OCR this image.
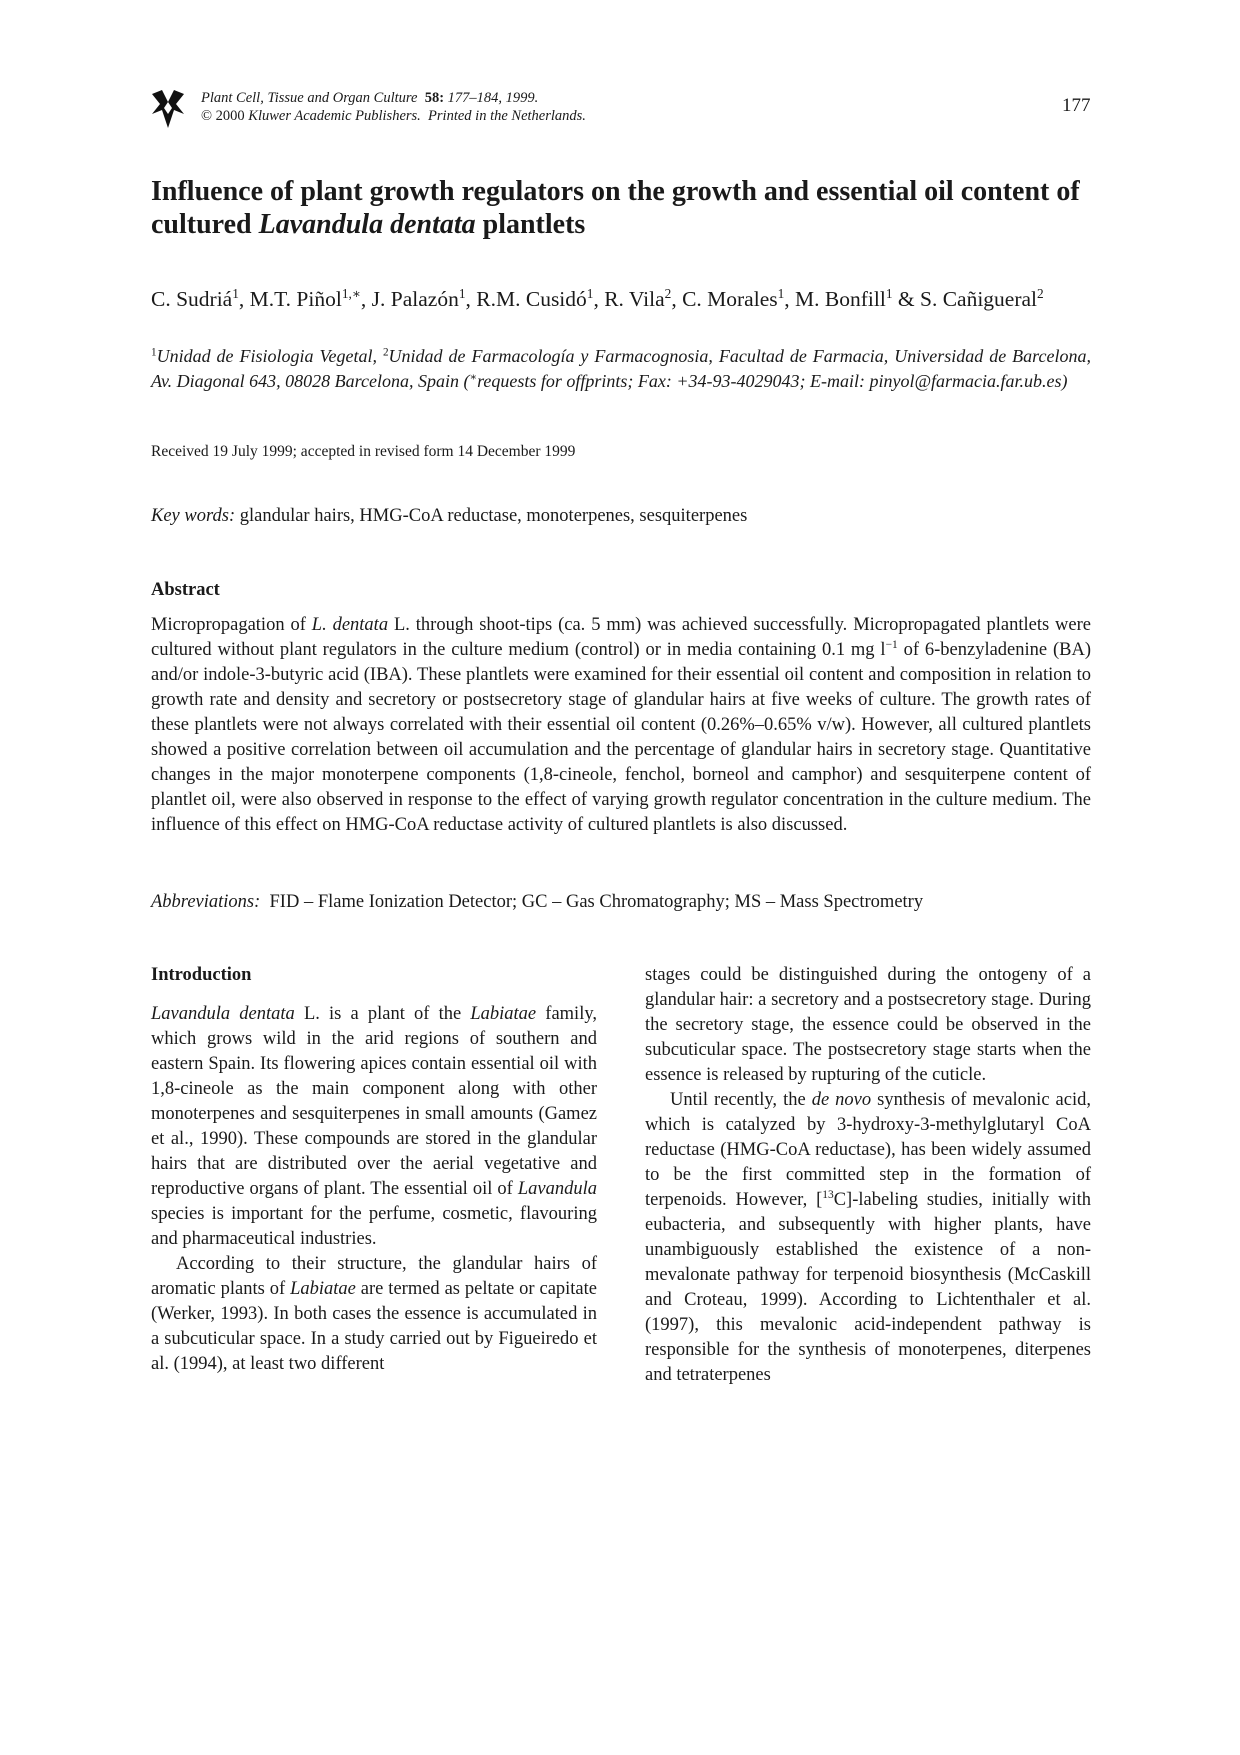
Plant Cell, Tissue and Organ Culture 58: 177–184, 1999.
© 2000 Kluwer Academic Publishers. Printed in the Netherlands.	177
Influence of plant growth regulators on the growth and essential oil content of cultured Lavandula dentata plantlets
C. Sudriá$^1$, M.T. Piñol$^{1,∗}$, J. Palazón$^1$, R.M. Cusidó$^1$, R. Vila$^2$, C. Morales$^1$, M. Bonfill$^1$ & S. Cañigueral$^2$
$^1$Unidad de Fisiologia Vegetal, $^2$Unidad de Farmacología y Farmacognosia, Facultad de Farmacia, Universidad de Barcelona, Av. Diagonal 643, 08028 Barcelona, Spain (∗requests for offprints; Fax: +34-93-4029043; E-mail: pinyol@farmacia.far.ub.es)
Received 19 July 1999; accepted in revised form 14 December 1999
Key words: glandular hairs, HMG-CoA reductase, monoterpenes, sesquiterpenes
Abstract
Micropropagation of L. dentata L. through shoot-tips (ca. 5 mm) was achieved successfully. Micropropagated plantlets were cultured without plant regulators in the culture medium (control) or in media containing 0.1 mg $l^{-1}$ of 6-benzyladenine (BA) and/or indole-3-butyric acid (IBA). These plantlets were examined for their essential oil content and composition in relation to growth rate and density and secretory or postsecretory stage of glandular hairs at five weeks of culture. The growth rates of these plantlets were not always correlated with their essential oil content (0.26%–0.65% v/w). However, all cultured plantlets showed a positive correlation between oil accumulation and the percentage of glandular hairs in secretory stage. Quantitative changes in the major monoterpene components (1,8-cineole, fenchol, borneol and camphor) and sesquiterpene content of plantlet oil, were also observed in response to the effect of varying growth regulator concentration in the culture medium. The influence of this effect on HMG-CoA reductase activity of cultured plantlets is also discussed.
Abbreviations:  FID – Flame Ionization Detector; GC – Gas Chromatography; MS – Mass Spectrometry
Introduction

Lavandula dentata L. is a plant of the Labiatae family, which grows wild in the arid regions of southern and eastern Spain. Its flowering apices contain essential oil with 1,8-cineole as the main component along with other monoterpenes and sesquiterpenes in small amounts (Gamez et al., 1990). These compounds are stored in the glandular hairs that are distributed over the aerial vegetative and reproductive organs of plant. The essential oil of Lavandula species is important for the perfume, cosmetic, flavouring and pharmaceutical industries.

According to their structure, the glandular hairs of aromatic plants of Labiatae are termed as peltate or capitate (Werker, 1993). In both cases the essence is accumulated in a subcuticular space. In a study carried out by Figueiredo et al. (1994), at least two different

stages could be distinguished during the ontogeny of a glandular hair: a secretory and a postsecretory stage. During the secretory stage, the essence could be observed in the subcuticular space. The postsecretory stage starts when the essence is released by rupturing of the cuticle.

Until recently, the de novo synthesis of mevalonic acid, which is catalyzed by 3-hydroxy-3-methylglutaryl CoA reductase (HMG-CoA reductase), has been widely assumed to be the first committed step in the formation of terpenoids. However, [$^{13}$C]-labeling studies, initially with eubacteria, and subsequently with higher plants, have unambiguously established the existence of a non-mevalonate pathway for terpenoid biosynthesis (McCaskill and Croteau, 1999). According to Lichtenthaler et al. (1997), this mevalonic acid-independent pathway is responsible for the synthesis of monoterpenes, diterpenes and tetraterpenes
